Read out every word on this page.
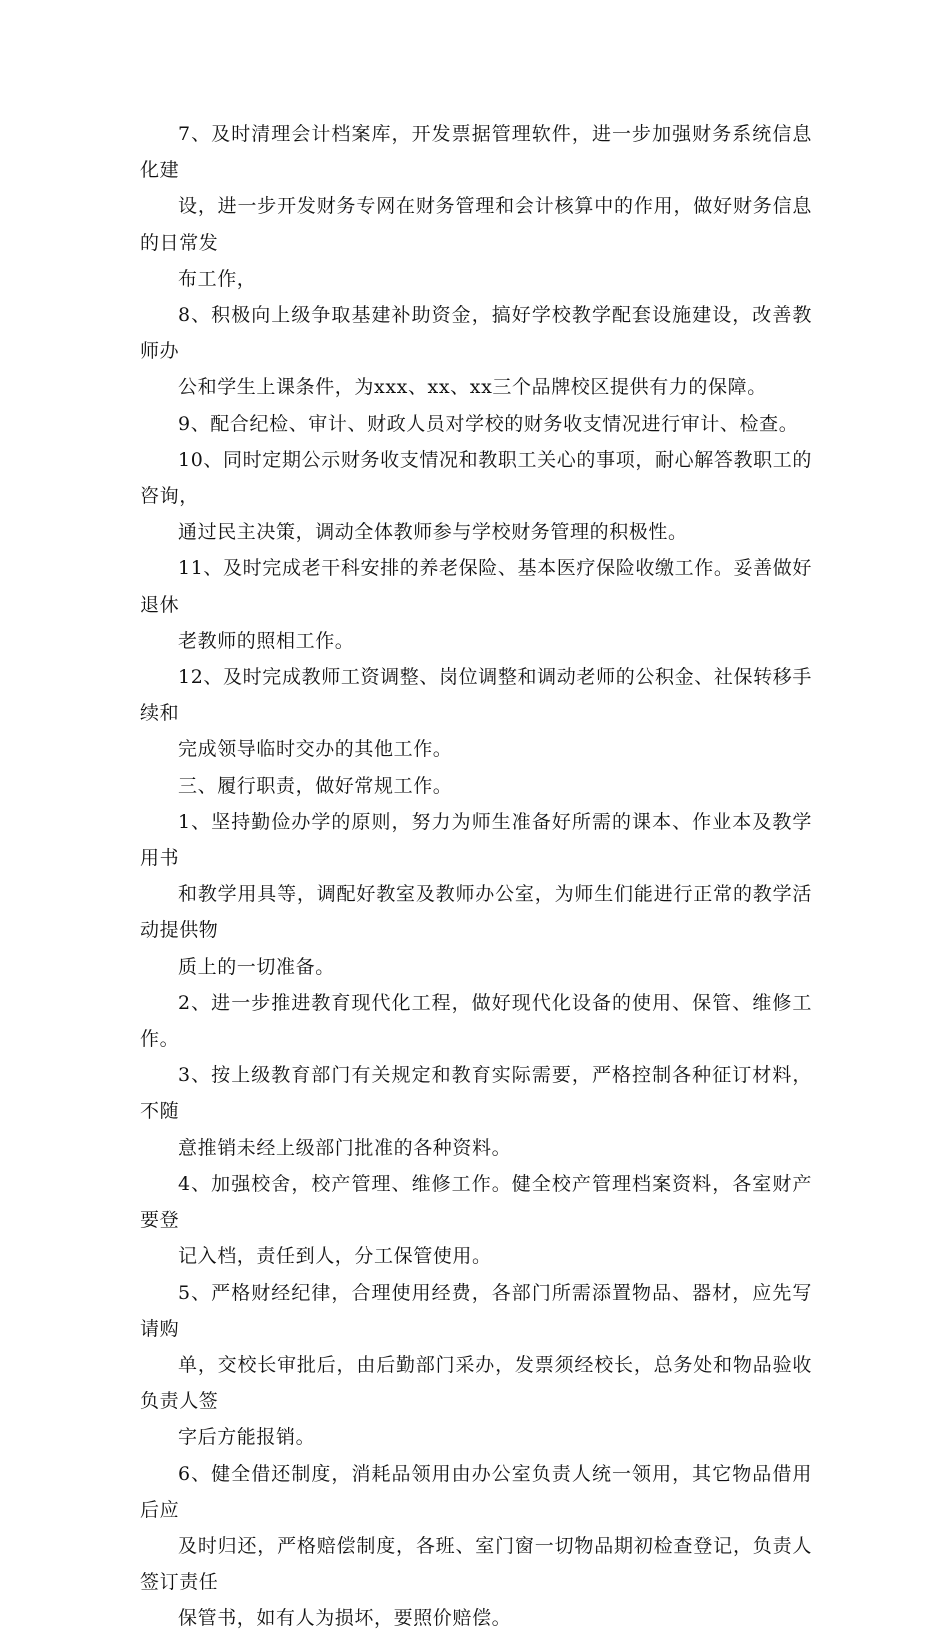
7、及时清理会计档案库，开发票据管理软件，进一步加强财务系统信息化建
设，进一步开发财务专网在财务管理和会计核算中的作用，做好财务信息的日常发
布工作，

8、积极向上级争取基建补助资金，搞好学校教学配套设施建设，改善教师办
公和学生上课条件，为xxx、xx、xx三个品牌校区提供有力的保障。

9、配合纪检、审计、财政人员对学校的财务收支情况进行审计、检查。

10、同时定期公示财务收支情况和教职工关心的事项，耐心解答教职工的咨询，
通过民主决策，调动全体教师参与学校财务管理的积极性。

11、及时完成老干科安排的养老保险、基本医疗保险收缴工作。妥善做好退休
老教师的照相工作。

12、及时完成教师工资调整、岗位调整和调动老师的公积金、社保转移手续和
完成领导临时交办的其他工作。

三、履行职责，做好常规工作。

1、坚持勤俭办学的原则，努力为师生准备好所需的课本、作业本及教学用书
和教学用具等，调配好教室及教师办公室，为师生们能进行正常的教学活动提供物
质上的一切准备。

2、进一步推进教育现代化工程，做好现代化设备的使用、保管、维修工作。

3、按上级教育部门有关规定和教育实际需要，严格控制各种征订材料，不随
意推销未经上级部门批准的各种资料。

4、加强校舍，校产管理、维修工作。健全校产管理档案资料，各室财产要登
记入档，责任到人，分工保管使用。

5、严格财经纪律，合理使用经费，各部门所需添置物品、器材，应先写请购
单，交校长审批后，由后勤部门采办，发票须经校长，总务处和物品验收负责人签
字后方能报销。

6、健全借还制度，消耗品领用由办公室负责人统一领用，其它物品借用后应
及时归还，严格赔偿制度，各班、室门窗一切物品期初检查登记，负责人签订责任
保管书，如有人为损坏，要照价赔偿。
